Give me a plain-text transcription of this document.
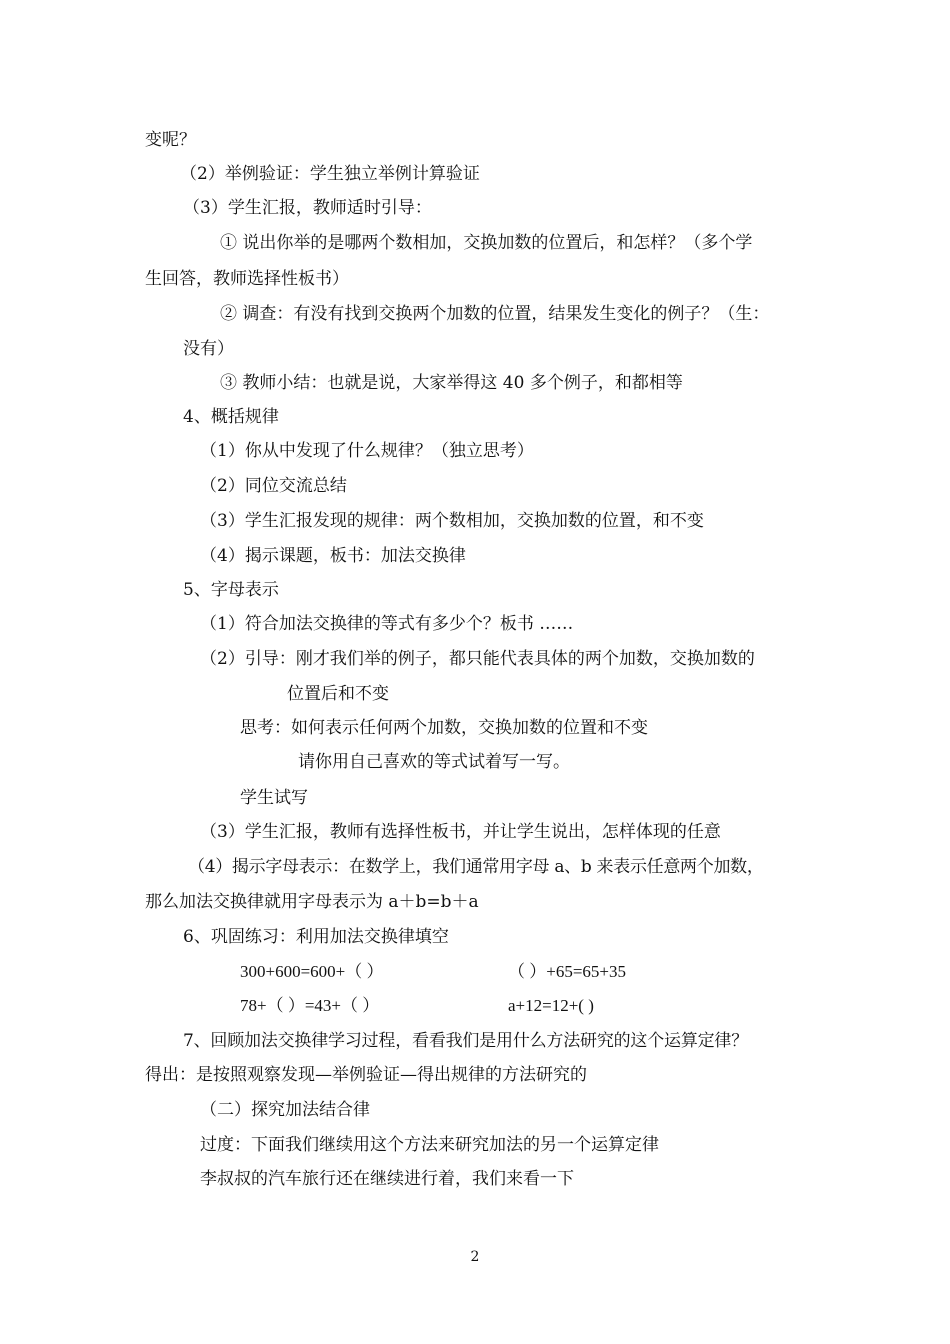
变呢？
（2）举例验证：学生独立举例计算验证
（3）学生汇报，教师适时引导：
① 说出你举的是哪两个数相加，交换加数的位置后，和怎样？（多个学
生回答，教师选择性板书）
② 调查：有没有找到交换两个加数的位置，结果发生变化的例子？（生：
没有）
③ 教师小结：也就是说，大家举得这 40 多个例子，和都相等
4、概括规律
（1）你从中发现了什么规律？（独立思考）
（2）同位交流总结
（3）学生汇报发现的规律：两个数相加，交换加数的位置，和不变
（4）揭示课题，板书：加法交换律
5、字母表示
（1）符合加法交换律的等式有多少个？板书 ……
（2）引导：刚才我们举的例子，都只能代表具体的两个加数，交换加数的
位置后和不变
思考：如何表示任何两个加数，交换加数的位置和不变
请你用自己喜欢的等式试着写一写。
学生试写
（3）学生汇报，教师有选择性板书，并让学生说出，怎样体现的任意
（4）揭示字母表示：在数学上，我们通常用字母 a、b 来表示任意两个加数，
那么加法交换律就用字母表示为 a＋b=b＋a
6、巩固练习：利用加法交换律填空
300+600=600+（ ）	（ ）+65=65+35
78+（ ）=43+（ ）	a+12=12+( )
7、回顾加法交换律学习过程，看看我们是用什么方法研究的这个运算定律？
得出：是按照观察发现—举例验证—得出规律的方法研究的
（二）探究加法结合律
过度：下面我们继续用这个方法来研究加法的另一个运算定律
李叔叔的汽车旅行还在继续进行着，我们来看一下
2
